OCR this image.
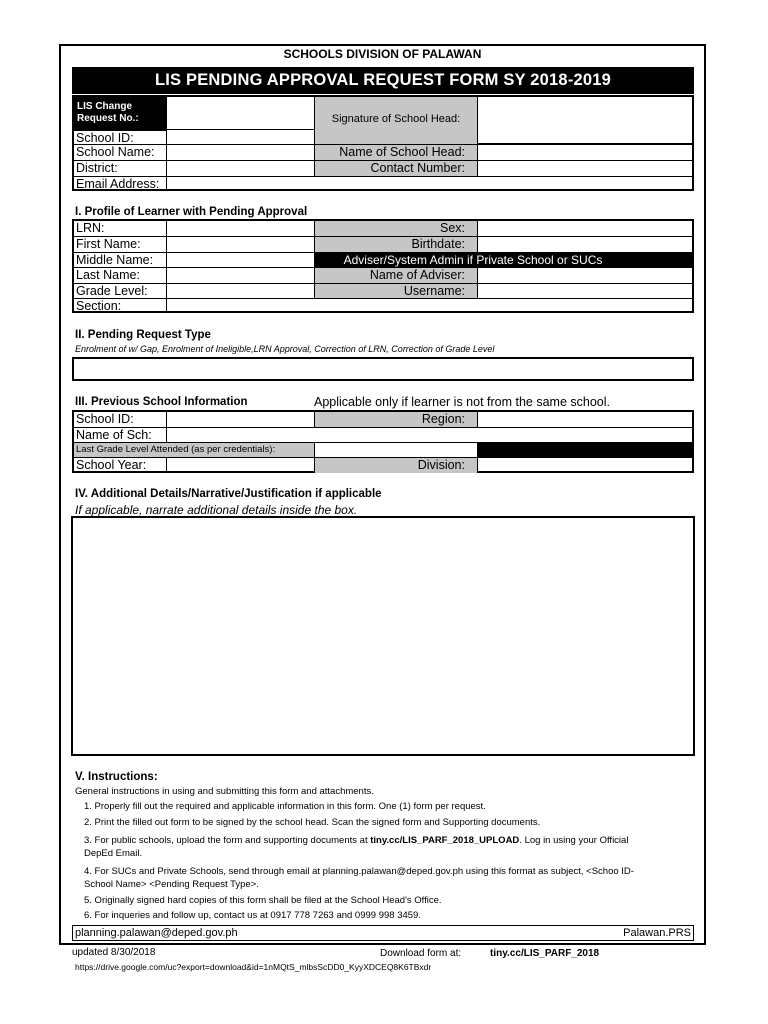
SCHOOLS DIVISION OF PALAWAN
LIS PENDING APPROVAL REQUEST FORM SY 2018-2019
LIS Change Request No.:	Signature of School Head:
School ID:
School Name:	Name of School Head:
District:	Contact Number:
Email Address:
I. Profile of Learner with Pending Approval
LRN:	Sex:
First Name:	Birthdate:
Middle Name:	Adviser/System Admin if Private School or SUCs
Last Name:	Name of Adviser:
Grade Level:	Username:
Section:
II. Pending Request Type
Enrolment of w/ Gap, Enrolment of Ineligible,LRN Approval, Correction of LRN, Correction of Grade Level
III. Previous School Information	Applicable only if learner is not from the same school.
School ID:	Region:
Name of Sch:
Last Grade Level Attended (as per credentials):
School Year:	Division:
IV. Additional Details/Narrative/Justification if applicable
If applicable, narrate additional details inside the box.
V. Instructions:
General instructions in using and submitting this form and attachments.
1. Properly fill out the required and applicable information in this form. One (1) form per request.
2. Print the filled out form to be signed by the school head. Scan the signed form and Supporting documents.
3. For public schools, upload the form and supporting documents at tiny.cc/LIS_PARF_2018_UPLOAD. Log in using your Official
DepEd Email.
4. For SUCs and Private Schools, send through email at planning.palawan@deped.gov.ph using this format as subject, <Schoo ID-
School Name> <Pending Request Type>.
5. Originally signed hard copies of this form shall be filed at the School Head's Office.
6. For inqueries and follow up, contact us at 0917 778 7263 and 0999 998 3459.
planning.palawan@deped.gov.ph	Palawan.PRS
updated 8/30/2018	Download form at:	tiny.cc/LIS_PARF_2018
https://drive.google.com/uc?export=download&id=1nMQtS_mlbsScDD0_KyyXDCEQ8K6TBxdr
